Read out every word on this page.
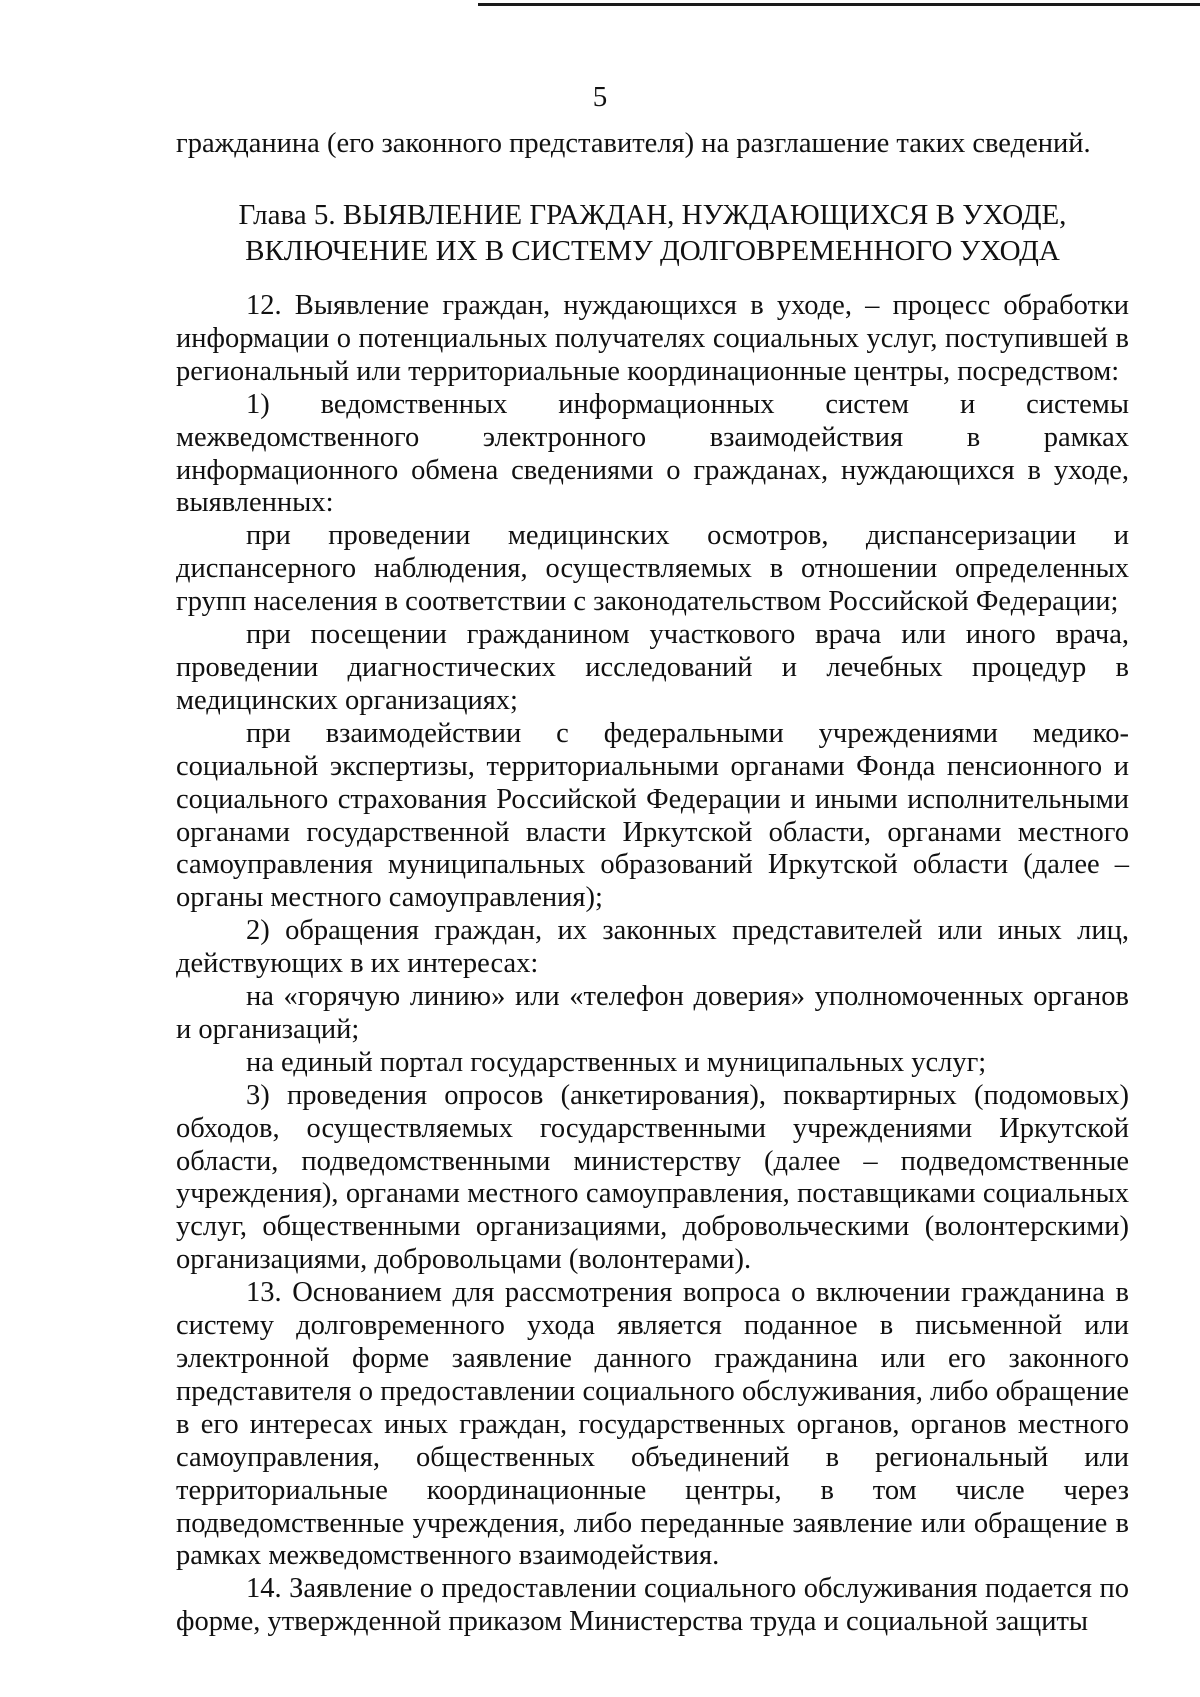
5
гражданина (его законного представителя) на разглашение таких сведений.
Глава 5. ВЫЯВЛЕНИЕ ГРАЖДАН, НУЖДАЮЩИХСЯ В УХОДЕ,
ВКЛЮЧЕНИЕ ИХ В СИСТЕМУ ДОЛГОВРЕМЕННОГО УХОДА

12. Выявление граждан, нуждающихся в уходе, – процесс обработки информации о потенциальных получателях социальных услуг, поступившей в региональный или территориальные координационные центры, посредством:

1) ведомственных информационных систем и системы межведомственного электронного взаимодействия в рамках информационного обмена сведениями о гражданах, нуждающихся в уходе, выявленных:

при проведении медицинских осмотров, диспансеризации и диспансерного наблюдения, осуществляемых в отношении определенных групп населения в соответствии с законодательством Российской Федерации;

при посещении гражданином участкового врача или иного врача, проведении диагностических исследований и лечебных процедур в медицинских организациях;

при взаимодействии с федеральными учреждениями медико-социальной экспертизы, территориальными органами Фонда пенсионного и социального страхования Российской Федерации и иными исполнительными органами государственной власти Иркутской области, органами местного самоуправления муниципальных образований Иркутской области (далее – органы местного самоуправления);

2) обращения граждан, их законных представителей или иных лиц, действующих в их интересах:

на «горячую линию» или «телефон доверия» уполномоченных органов и организаций;

на единый портал государственных и муниципальных услуг;

3) проведения опросов (анкетирования), поквартирных (подомовых) обходов, осуществляемых государственными учреждениями Иркутской области, подведомственными министерству (далее – подведомственные учреждения), органами местного самоуправления, поставщиками социальных услуг, общественными организациями, добровольческими (волонтерскими) организациями, добровольцами (волонтерами).

13. Основанием для рассмотрения вопроса о включении гражданина в систему долговременного ухода является поданное в письменной или электронной форме заявление данного гражданина или его законного представителя о предоставлении социального обслуживания, либо обращение в его интересах иных граждан, государственных органов, органов местного самоуправления, общественных объединений в региональный или территориальные координационные центры, в том числе через подведомственные учреждения, либо переданные заявление или обращение в рамках межведомственного взаимодействия.

14. Заявление о предоставлении социального обслуживания подается по форме, утвержденной приказом Министерства труда и социальной защиты
